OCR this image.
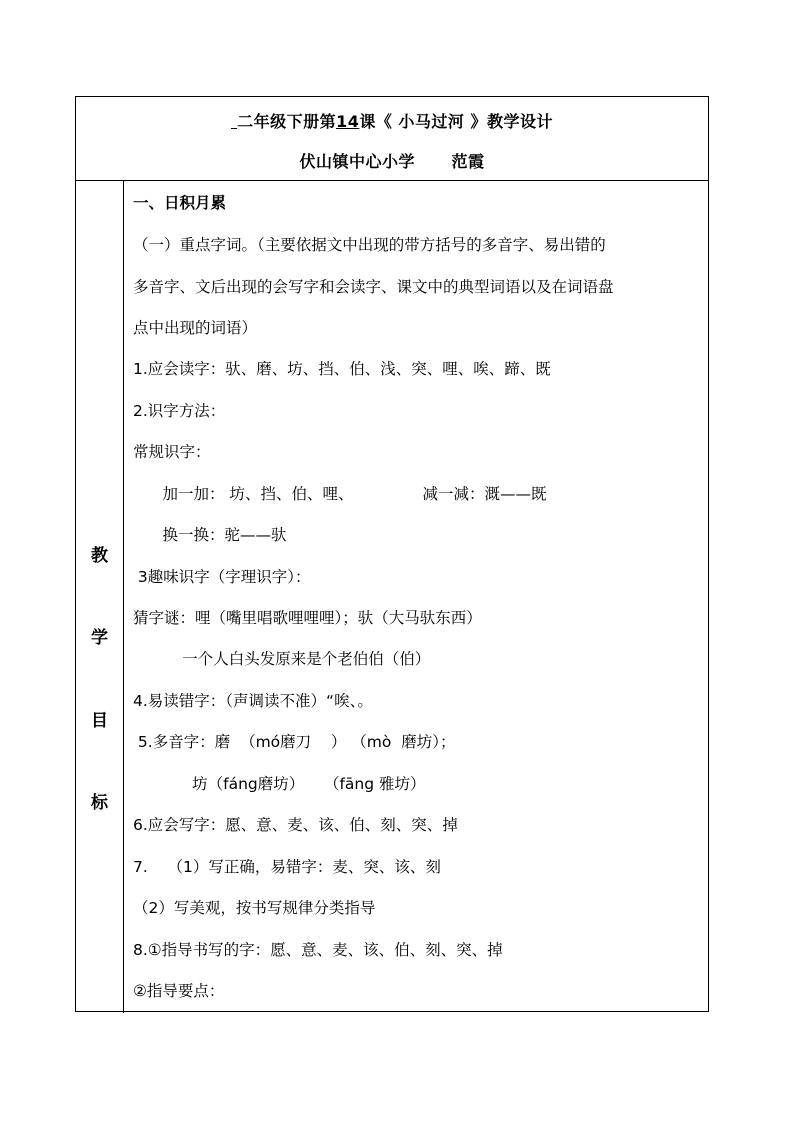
二年级下册第14课《 小马过河 》教学设计
伏山镇中心小学      范霞
教
学
目
标
一、日积月累
（一）重点字词。（主要依据文中出现的带方括号的多音字、易出错的
多音字、文后出现的会写字和会读字、课文中的典型词语以及在词语盘
点中出现的词语）
1.应会读字：驮、磨、坊、挡、伯、浅、突、哩、唉、蹄、既
2.识字方法：
常规识字：
加一加： 坊、挡、伯、哩、              减一减：溉——既
换一换：驼——驮
3趣味识字（字理识字）：
猜字谜：哩（嘴里唱歌哩哩哩）；驮（大马驮东西）
一个人白头发原来是个老伯伯（伯）
4.易读错字：（声调读不准）“唉、。
5.多音字：磨  （mó磨刀    ） （mò  磨坊）；
坊（fáng磨坊）    （fāng 雅坊）
6.应会写字：愿、意、麦、该、伯、刻、突、掉
7.    （1）写正确，易错字：麦、突、该、刻
（2）写美观，按书写规律分类指导
8.①指导书写的字：愿、意、麦、该、伯、刻、突、掉
②指导要点：
